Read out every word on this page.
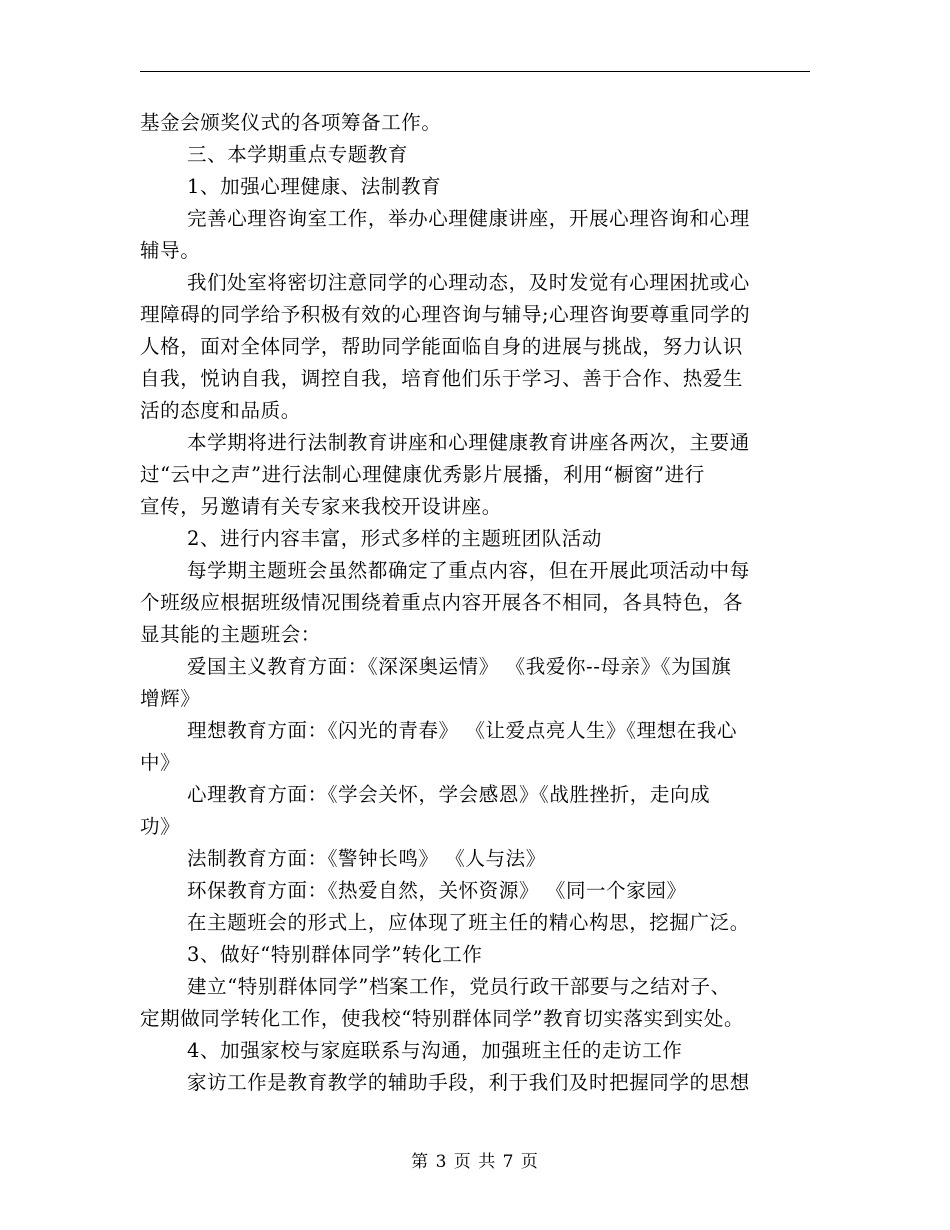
基金会颁奖仪式的各项筹备工作。
三、本学期重点专题教育
1、加强心理健康、法制教育
完善心理咨询室工作，举办心理健康讲座，开展心理咨询和心理
辅导。
我们处室将密切注意同学的心理动态，及时发觉有心理困扰或心
理障碍的同学给予积极有效的心理咨询与辅导;心理咨询要尊重同学的
人格，面对全体同学，帮助同学能面临自身的进展与挑战，努力认识
自我，悦讷自我，调控自我，培育他们乐于学习、善于合作、热爱生
活的态度和品质。
本学期将进行法制教育讲座和心理健康教育讲座各两次，主要通
过“云中之声”进行法制心理健康优秀影片展播，利用“橱窗”进行
宣传，另邀请有关专家来我校开设讲座。
2、进行内容丰富，形式多样的主题班团队活动
每学期主题班会虽然都确定了重点内容，但在开展此项活动中每
个班级应根据班级情况围绕着重点内容开展各不相同，各具特色，各
显其能的主题班会：
爱国主义教育方面：《深深奥运情》 《我爱你--母亲》《为国旗
增辉》
理想教育方面：《闪光的青春》 《让爱点亮人生》《理想在我心
中》
心理教育方面：《学会关怀，学会感恩》《战胜挫折，走向成
功》
法制教育方面：《警钟长鸣》 《人与法》
环保教育方面：《热爱自然，关怀资源》 《同一个家园》
在主题班会的形式上，应体现了班主任的精心构思，挖掘广泛。
3、做好“特别群体同学”转化工作
建立“特别群体同学”档案工作，党员行政干部要与之结对子、
定期做同学转化工作，使我校“特别群体同学”教育切实落实到实处。
4、加强家校与家庭联系与沟通，加强班主任的走访工作
家访工作是教育教学的辅助手段，利于我们及时把握同学的思想
第 3 页 共 7 页
